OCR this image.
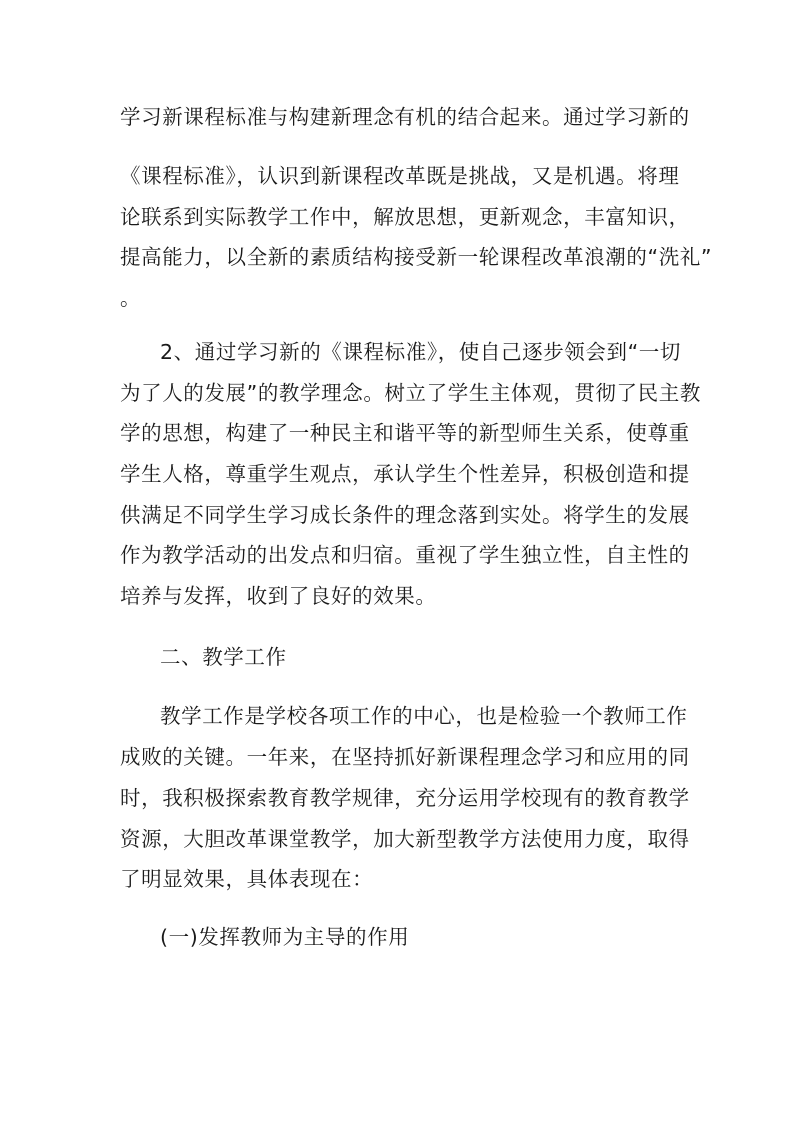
学习新课程标准与构建新理念有机的结合起来。通过学习新的
《课程标准》，认识到新课程改革既是挑战，又是机遇。将理
论联系到实际教学工作中，解放思想，更新观念，丰富知识，
提高能力，以全新的素质结构接受新一轮课程改革浪潮的“洗礼”
。
2、通过学习新的《课程标准》，使自己逐步领会到“一切
为了人的发展”的教学理念。树立了学生主体观，贯彻了民主教
学的思想，构建了一种民主和谐平等的新型师生关系，使尊重
学生人格，尊重学生观点，承认学生个性差异，积极创造和提
供满足不同学生学习成长条件的理念落到实处。将学生的发展
作为教学活动的出发点和归宿。重视了学生独立性，自主性的
培养与发挥，收到了良好的效果。
二、教学工作
教学工作是学校各项工作的中心，也是检验一个教师工作
成败的关键。一年来，在坚持抓好新课程理念学习和应用的同
时，我积极探索教育教学规律，充分运用学校现有的教育教学
资源，大胆改革课堂教学，加大新型教学方法使用力度，取得
了明显效果，具体表现在：
(一)发挥教师为主导的作用
